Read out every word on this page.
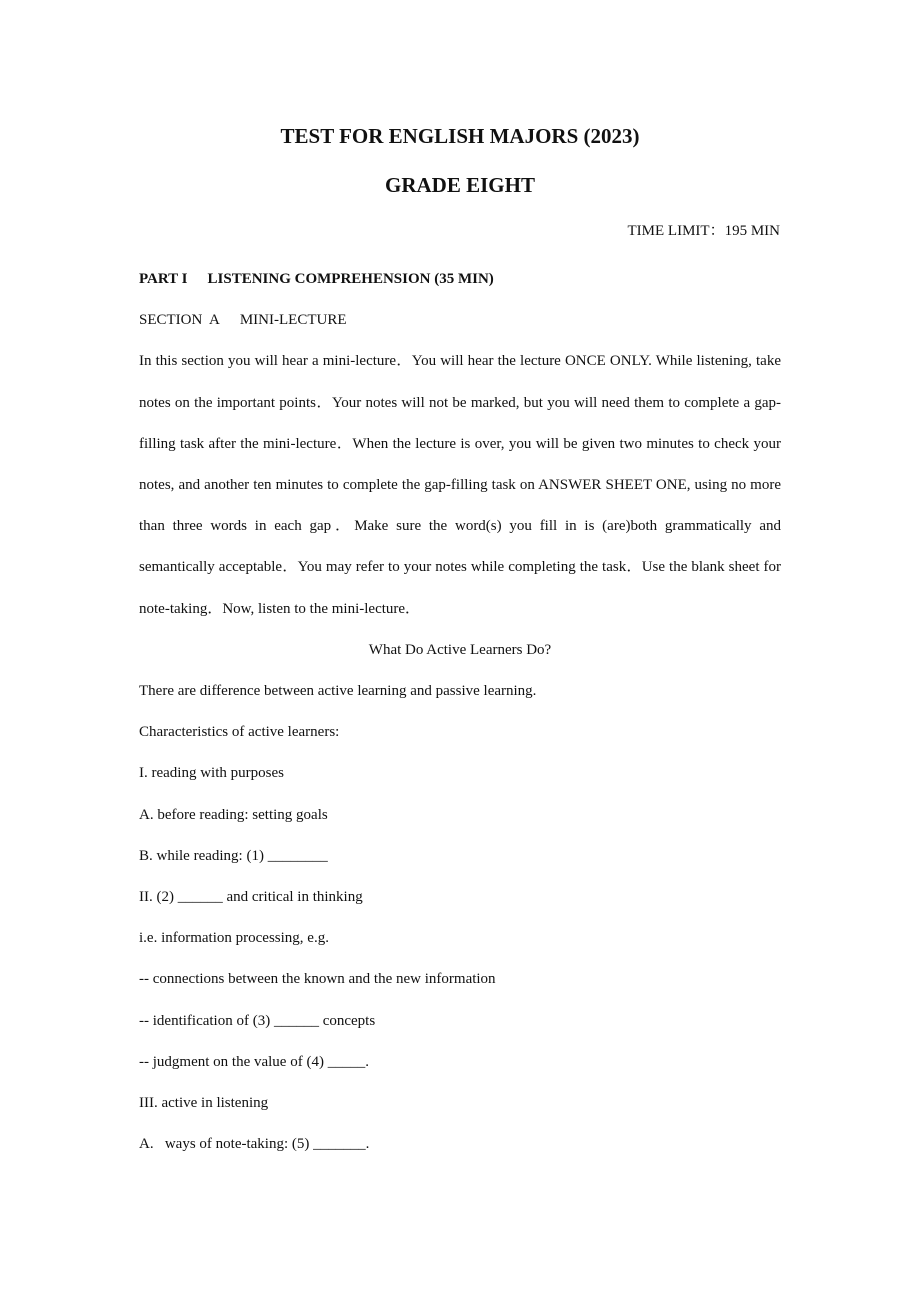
TEST FOR ENGLISH MAJORS (2023)
GRADE EIGHT

TIME LIMIT：195 MIN

PART I LISTENING COMPREHENSION (35 MIN)

SECTION  A MINI-LECTURE

In this section you will hear a mini-lecture．You will hear the lecture ONCE ONLY. While listening, take notes on the important points．Your notes will not be marked, but you will need them to complete a gap-filling task after the mini-lecture．When the lecture is over, you will be given two minutes to check your notes, and another ten minutes to complete the gap-filling task on ANSWER SHEET ONE, using no more than three words in each gap．Make sure the word(s) you fill in is (are)both grammatically and semantically acceptable．You may refer to your notes while completing the task．Use the blank sheet for note-taking．Now, listen to the mini-lecture．

What Do Active Learners Do?

There are difference between active learning and passive learning.

Characteristics of active learners:

I. reading with purposes

A. before reading: setting goals

B. while reading: (1) ________

II. (2) ______ and critical in thinking

i.e. information processing, e.g.

-- connections between the known and the new information

-- identification of (3) ______ concepts

-- judgment on the value of (4) _____.

III. active in listening

A.   ways of note-taking: (5) _______.
